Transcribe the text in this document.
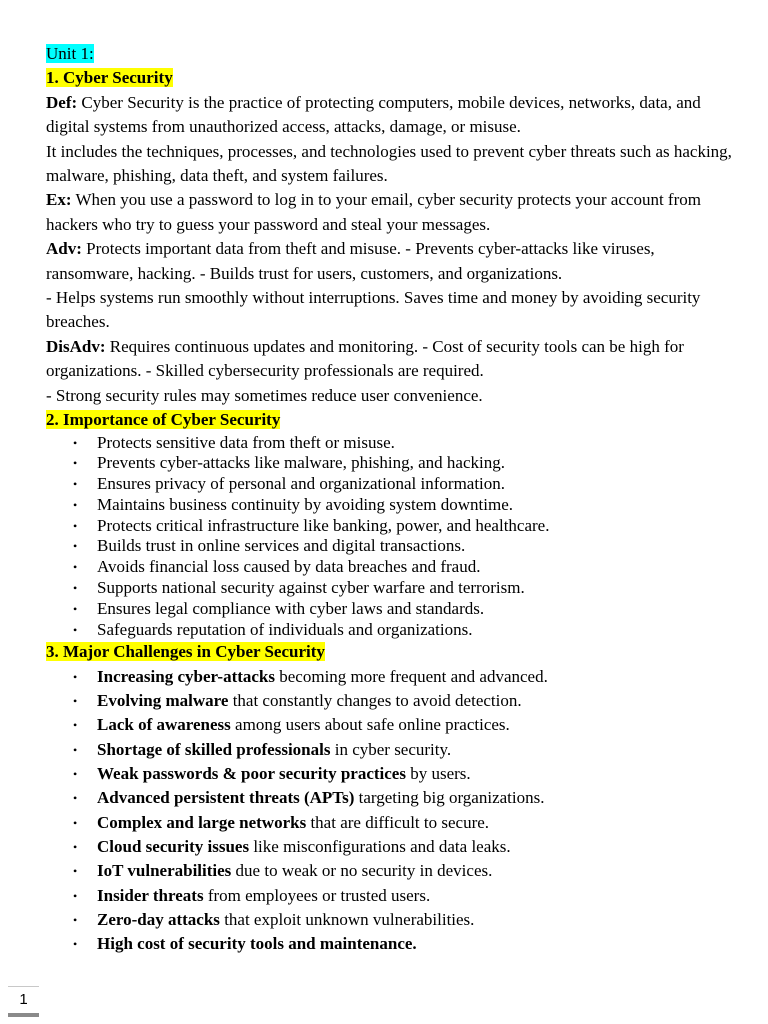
Unit 1:

1. Cyber Security

Def: Cyber Security is the practice of protecting computers, mobile devices, networks, data, and digital systems from unauthorized access, attacks, damage, or misuse.

It includes the techniques, processes, and technologies used to prevent cyber threats such as hacking, malware, phishing, data theft, and system failures.

Ex: When you use a password to log in to your email, cyber security protects your account from hackers who try to guess your password and steal your messages.

Adv: Protects important data from theft and misuse. - Prevents cyber-attacks like viruses, ransomware, hacking. - Builds trust for users, customers, and organizations.

- Helps systems run smoothly without interruptions. Saves time and money by avoiding security breaches.

DisAdv: Requires continuous updates and monitoring. - Cost of security tools can be high for organizations. - Skilled cybersecurity professionals are required.

- Strong security rules may sometimes reduce user convenience.

2. Importance of Cyber Security

• Protects sensitive data from theft or misuse.
• Prevents cyber-attacks like malware, phishing, and hacking.
• Ensures privacy of personal and organizational information.
• Maintains business continuity by avoiding system downtime.
• Protects critical infrastructure like banking, power, and healthcare.
• Builds trust in online services and digital transactions.
• Avoids financial loss caused by data breaches and fraud.
• Supports national security against cyber warfare and terrorism.
• Ensures legal compliance with cyber laws and standards.
• Safeguards reputation of individuals and organizations.

3. Major Challenges in Cyber Security

• Increasing cyber-attacks becoming more frequent and advanced.
• Evolving malware that constantly changes to avoid detection.
• Lack of awareness among users about safe online practices.
• Shortage of skilled professionals in cyber security.
• Weak passwords & poor security practices by users.
• Advanced persistent threats (APTs) targeting big organizations.
• Complex and large networks that are difficult to secure.
• Cloud security issues like misconfigurations and data leaks.
• IoT vulnerabilities due to weak or no security in devices.
• Insider threats from employees or trusted users.
• Zero-day attacks that exploit unknown vulnerabilities.
• High cost of security tools and maintenance.
1
